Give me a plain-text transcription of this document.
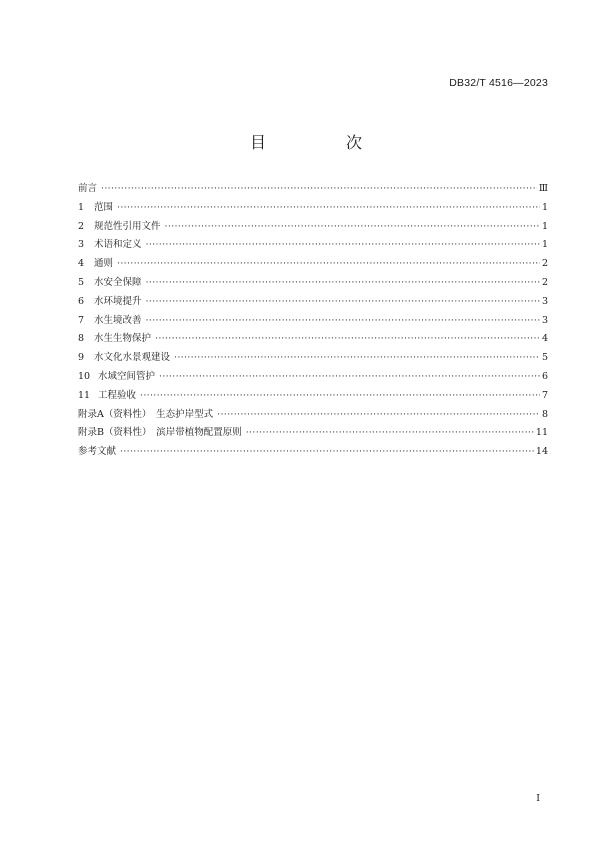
DB32/T 4516—2023
目　次
前言 ·····	Ⅲ
1	范围 ·····	1
2	规范性引用文件 ·····	1
3	术语和定义 ·····	1
4	通则 ·····	2
5	水安全保障 ·····	2
6	水环境提升 ·····	3
7	水生境改善 ·····	3
8	水生生物保护 ·····	4
9	水文化水景观建设 ·····	5
10 水域空间管护 ·····	6
11 工程验收 ·····	7
附录A（资料性）　生态护岸型式 ·····	8
附录B（资料性）　滨岸带植物配置原则 ·····	11
参考文献 ·····	14
I
